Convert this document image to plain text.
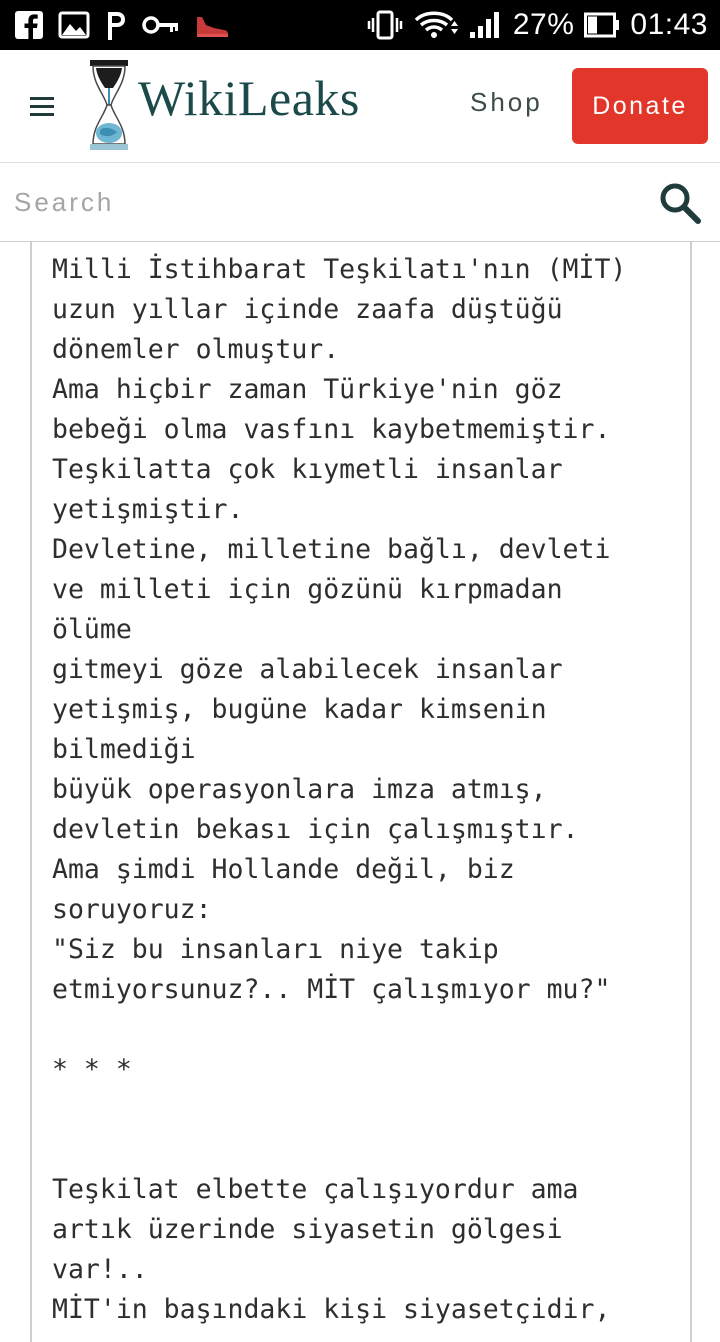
27% 01:43
WikiLeaks	Shop	Donate
Search
Milli İstihbarat Teşkilatı'nın (MİT)
uzun yıllar içinde zaafa düştüğü
dönemler olmuştur.
Ama hiçbir zaman Türkiye'nin göz
bebeği olma vasfını kaybetmemiştir.
Teşkilatta çok kıymetli insanlar
yetişmiştir.
Devletine, milletine bağlı, devleti
ve milleti için gözünü kırpmadan
ölüme
gitmeyi göze alabilecek insanlar
yetişmiş, bugüne kadar kimsenin
bilmediği
büyük operasyonlara imza atmış,
devletin bekası için çalışmıştır.
Ama şimdi Hollande değil, biz
soruyoruz:
"Siz bu insanları niye takip
etmiyorsunuz?.. MİT çalışmıyor mu?"
* * *
Teşkilat elbette çalışıyordur ama
artık üzerinde siyasetin gölgesi
var!..
MİT'in başındaki kişi siyasetçidir,
